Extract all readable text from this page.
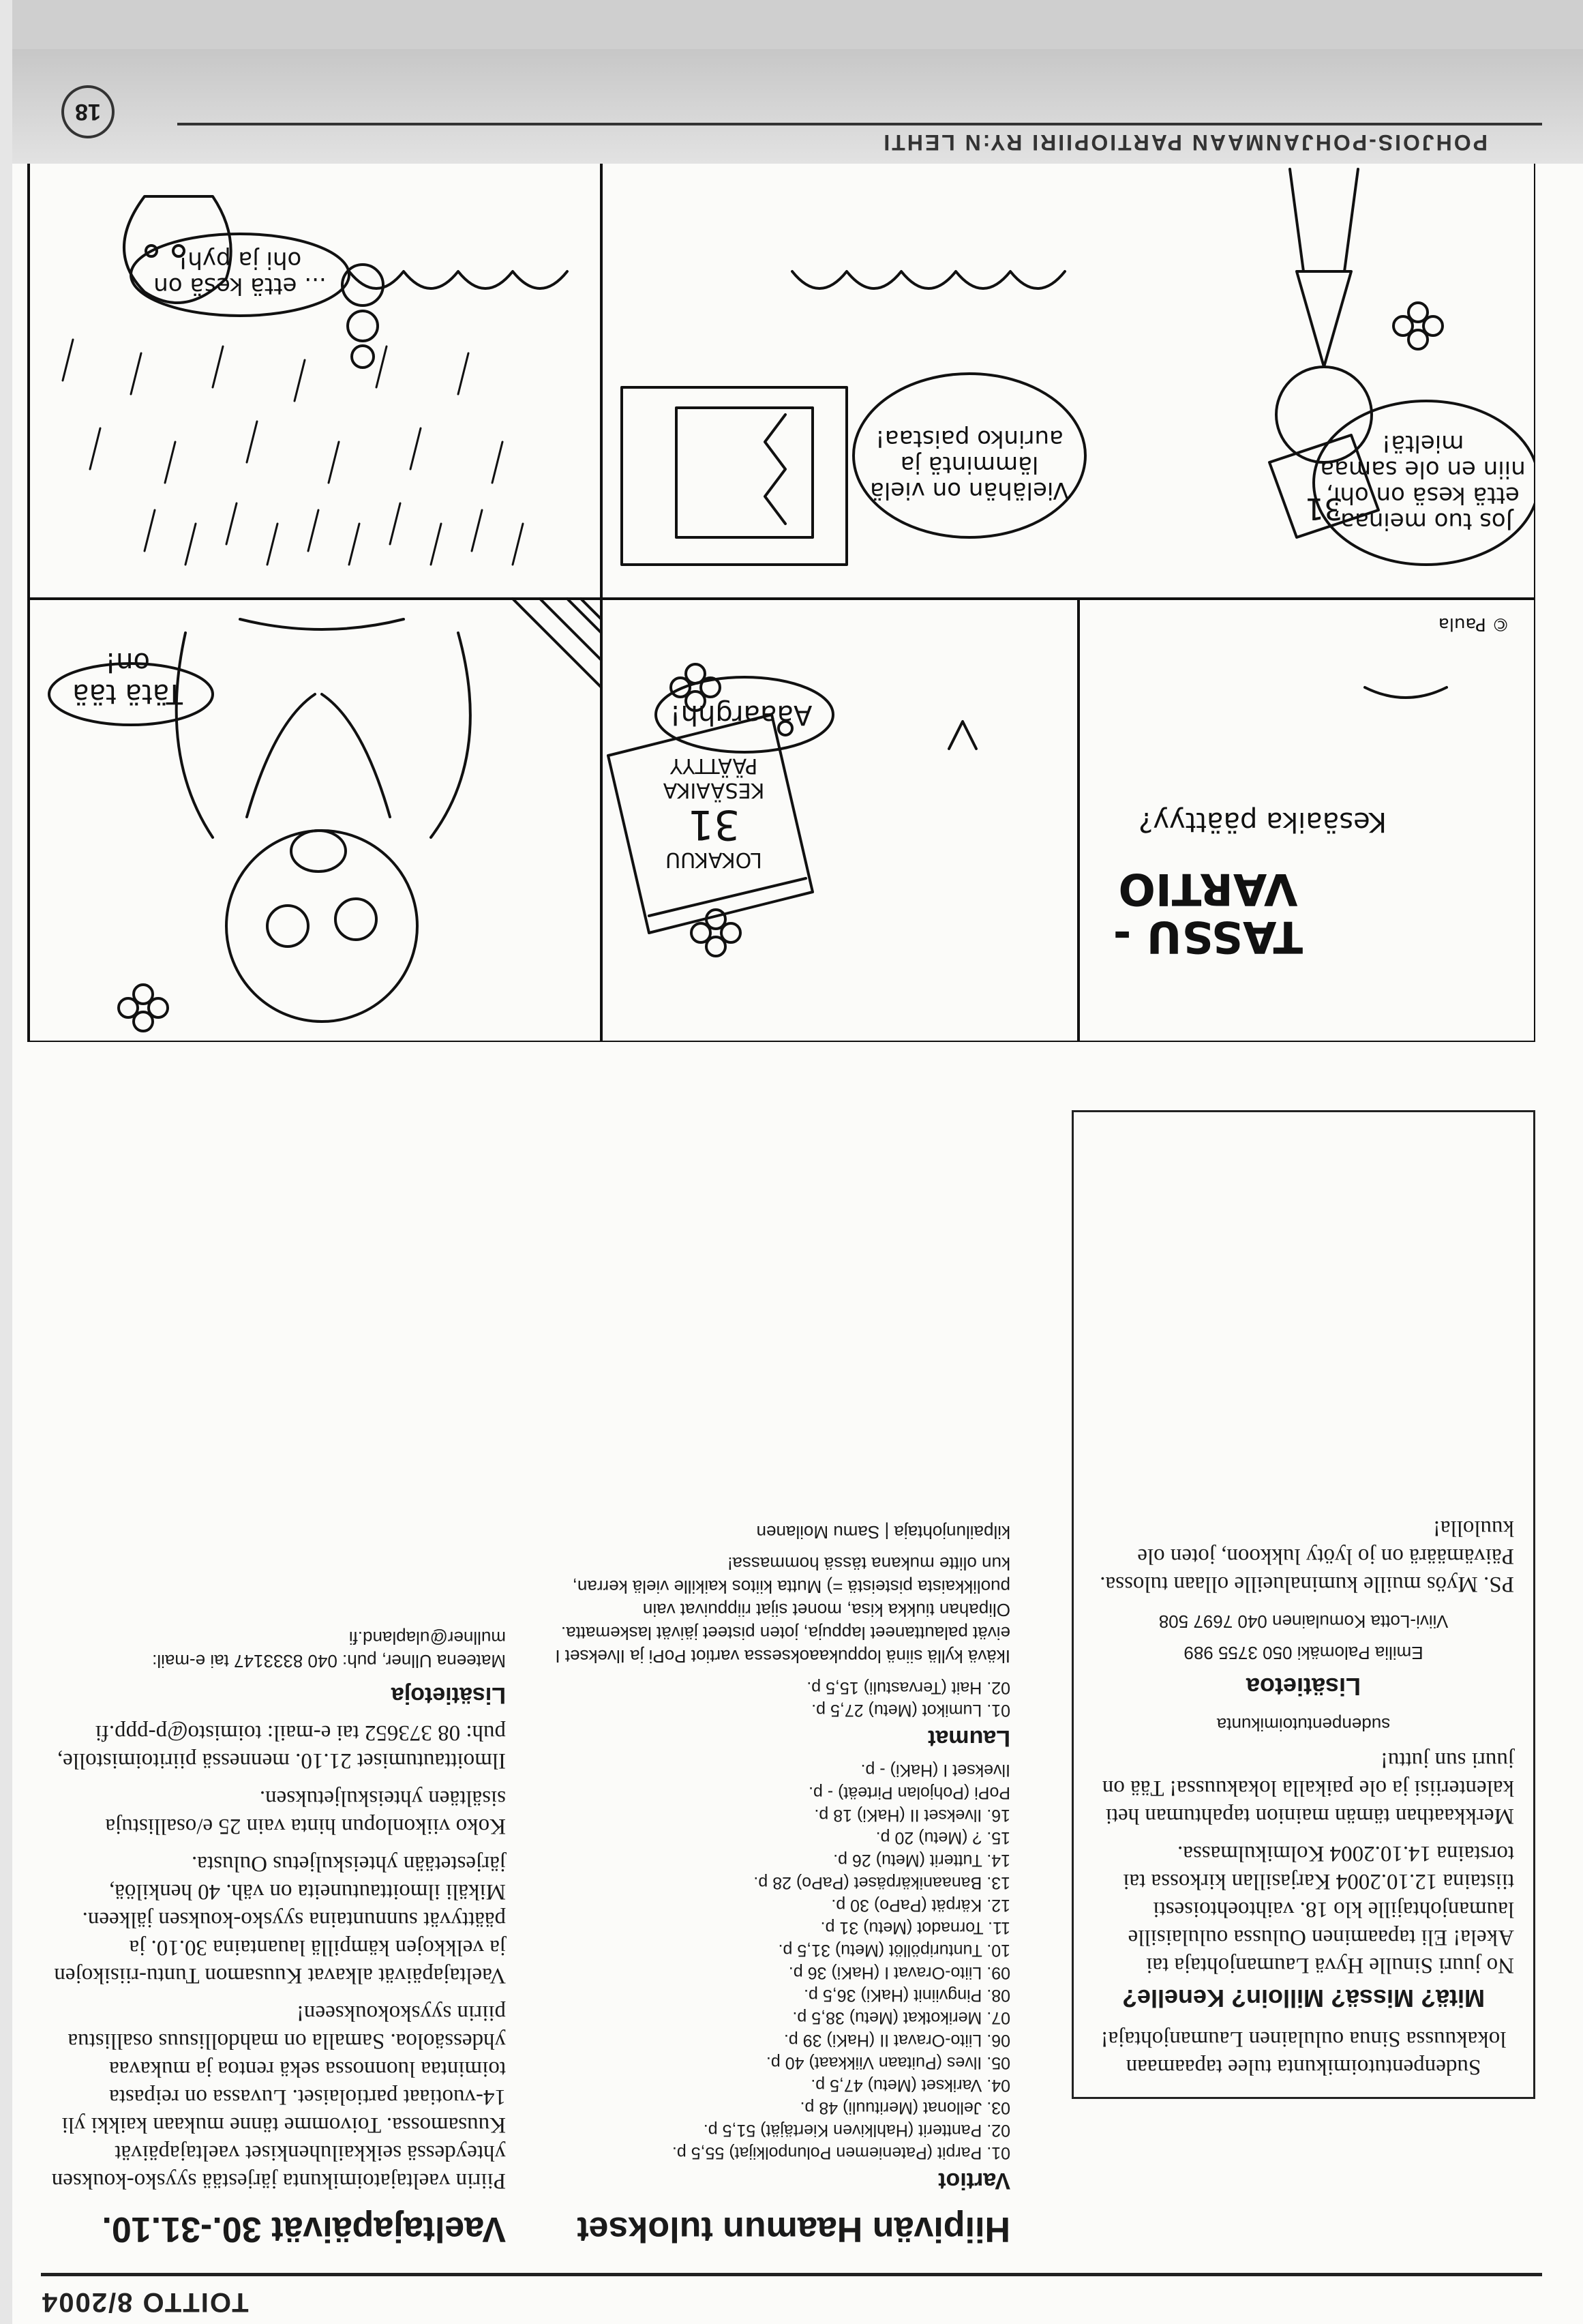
TOITTO 8/2004
Vaeltajapäivät 30.-31.10.

Piirin vaeltajatoimikunta järjestää syysko-kouksen yhteydessä seikkailuhenkiset vaeltajapäivät Kuusamossa. Toivomme tänne mukaan kaikki yli 14-vuotiaat partiolaiset. Luvassa on reipasta toimintaa luonnossa sekä rentoa ja mukavaa yhdessäoloa. Samalla on mahdollisuus osallistua piirin syyskokoukseen!

Vaeltajapäivät alkavat Kuusamon Tuntu-riisikojen ja velkkojen kämpillä lauantaina 30.10. ja päättyvät sunnuntaina syysko-kouksen jälkeen. Mikäli ilmoittautuneita on väh. 40 henkilöä, järjestetään yhteiskuljetus Oulusta.

Koko viikonlopun hinta vain 25 e/osallistuja sisältäen yhteiskuljetuksen.

Ilmoittautumiset 21.10. mennessä piiritoimistolle, puh: 08 373652 tai e-mail: toimisto@p-ppp.fi

Lisätietoja
Mateena Ullner, puh: 040 8333147 tai e-mail: mullner@ulapland.fi
Hiipivän Haamun tulokset
Vartiot
01. Parpit (Pateniemen Polunpolkijat) 55,5 p.
02. Pantterit (Hahlkiven Kiertäjät) 51,5 p.
03. Jellonat (Merituuli) 48 p.
04. Varikset (Metu) 47,5 p.
05. Ilves (Puitaan Viikkaat) 40 p.
06. Liito-Oravat II (HaKi) 39 p.
07. Merikotkat (Metu) 38,5 p.
08. Pingviinit (HaKi) 36,5 p.
09. Liito-Oravat I (HaKi) 36 p.
10. Tunturipöllöt (Metu) 31,5 p.
11. Tornadot (Metu) 31 p.
12. Kärpät (PaPo) 30 p.
13. Banaanikärpäset (PaPo) 28 p.
14. Tutterit (Metu) 26 p.
15. ? (Metu) 20 p.
16. Ilvekset II (HaKi) 18 p.
PoPi (Pohjolan Pirteät) - p.
Ilvekset I (HaKi) - p.
Laumat
01. Lumikot (Metu) 27,5 p.
02. Hait (Tervastuli) 15,5 p.
Ikävä kyllä siinä loppukaaoksessa vartiot PoPi ja Ilvekset I eivät palauttaneet lappuja, joten pisteet jäivät laskematta. Olipahan tiukka kisa, monet sijat riippuivat vain puolikkaista pisteistä =) Mutta kiitos kaikille vielä kerran, kun olitte mukana tässä hommassa!
kilpailunjohtaja | Samu Moilanen
Sudenpentutoimikunta tulee tapaamaan lokakuussa Sinua oululainen Laumanjohtaja!
Mitä? Missä? Milloin? Kenelle?

No juuri Sinulle Hyvä Laumanjohtaja tai Akela! Eli tapaaminen Oulussa oululaisille laumanjohtajille klo 18. vaihtoehtoisesti tiistaina 12.10.2004 Karjasillan kirkossa tai torstaina 14.10.2004 Kolmikulmassa.

Merkkaathan tämän mainion tapahtuman heti kalenteriisi ja ole paikalla lokakuussa! Tää on juuri sun juttu!

sudenpentutoimikunta
Lisätietoa
Emilia Palomäki 050 3755 989
Viivi-Lotta Komulainen 040 7697 508

PS. Myös muille kuminalueille ollaan tulossa. Päivämäärä on jo lyöty lukkoon, joten ole kuulolla!

TASSU -
VARTIO
Kesäaika päättyy?
© Paula
LOKAKUU
31
KESÄAIKA
PÄÄTTYY
31
Aaaarghh!
Tätä tää on!
Jos tuo meinaa, että kesä on ohi, niin en ole samaa mieltä!
Vielähän on vielä lämmintä ja aurinko paistaa!
... että kesä on ohi ja pyh!
POHJOIS-POHJANMAAN PARTIOPIIRI RY:N LEHTI
18
